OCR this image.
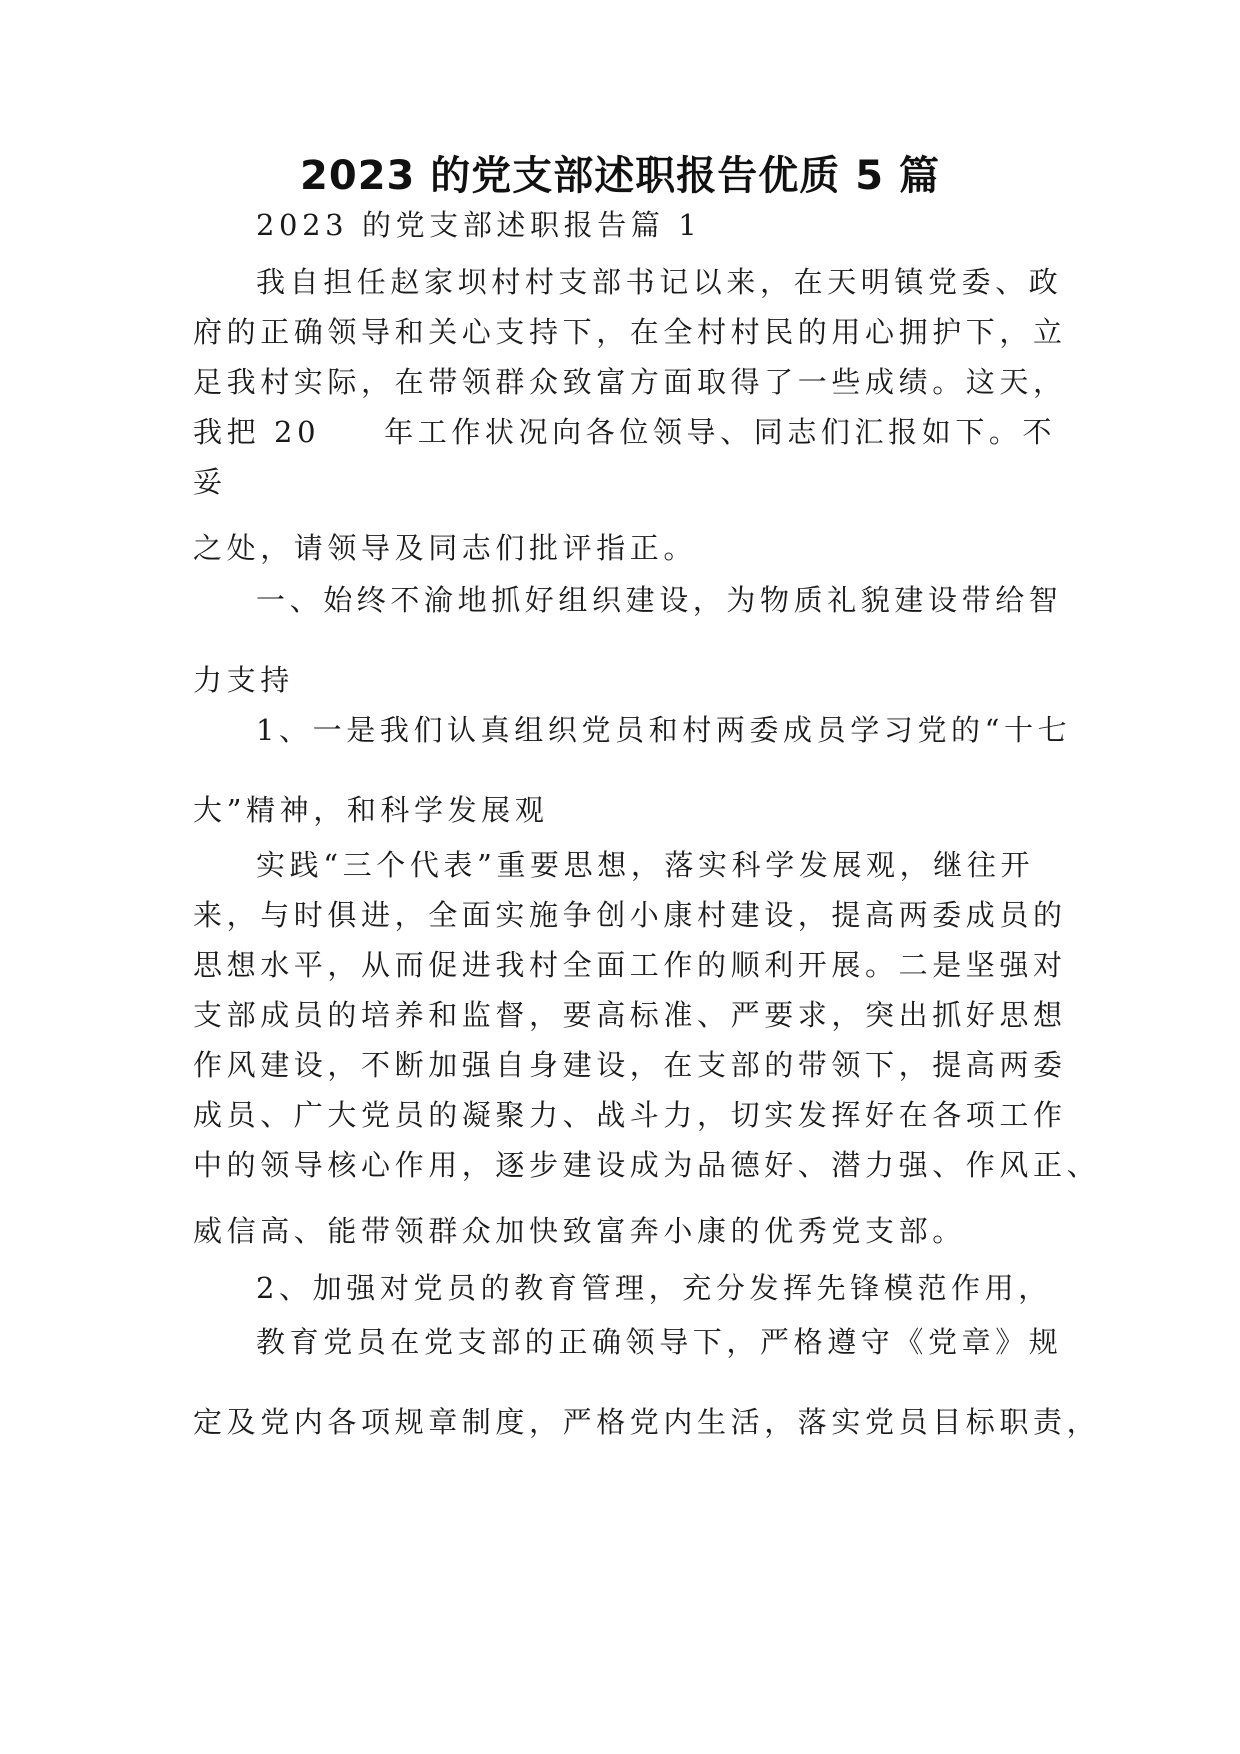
2023 的党支部述职报告优质 5 篇
2023 的党支部述职报告篇 1
我自担任赵家坝村村支部书记以来，在天明镇党委、政
府的正确领导和关心支持下，在全村村民的用心拥护下，立
足我村实际，在带领群众致富方面取得了一些成绩。这天，
我把 20 年工作状况向各位领导、同志们汇报如下。不
妥
之处，请领导及同志们批评指正。
一、始终不渝地抓好组织建设，为物质礼貌建设带给智
力支持
1、一是我们认真组织党员和村两委成员学习党的“十七
大”精神，和科学发展观
实践“三个代表”重要思想，落实科学发展观，继往开
来，与时俱进，全面实施争创小康村建设，提高两委成员的
思想水平，从而促进我村全面工作的顺利开展。二是坚强对
支部成员的培养和监督，要高标准、严要求，突出抓好思想
作风建设，不断加强自身建设，在支部的带领下，提高两委
成员、广大党员的凝聚力、战斗力，切实发挥好在各项工作
中的领导核心作用，逐步建设成为品德好、潜力强、作风正、
威信高、能带领群众加快致富奔小康的优秀党支部。
2、加强对党员的教育管理，充分发挥先锋模范作用，
教育党员在党支部的正确领导下，严格遵守《党章》规
定及党内各项规章制度，严格党内生活，落实党员目标职责，
